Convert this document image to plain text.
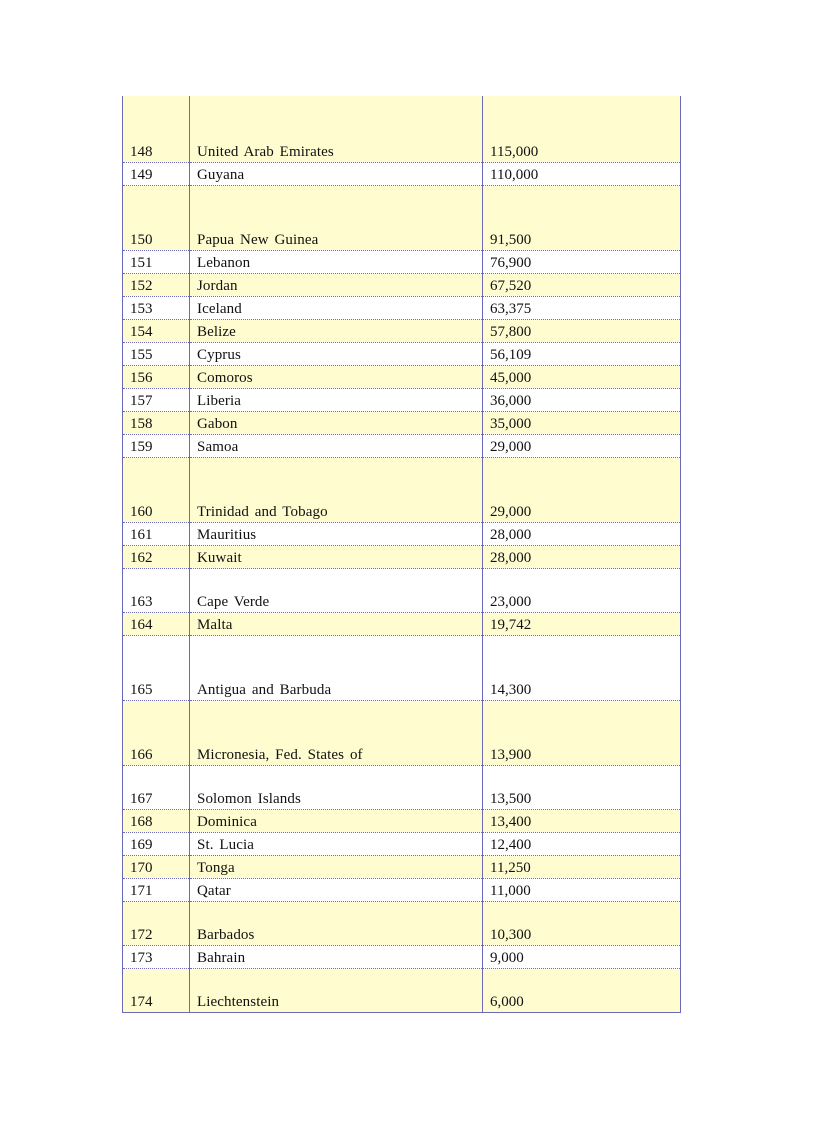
148	United Arab Emirates	115,000
149	Guyana	110,000
150	Papua New Guinea	91,500
151	Lebanon	76,900
152	Jordan	67,520
153	Iceland	63,375
154	Belize	57,800
155	Cyprus	56,109
156	Comoros	45,000
157	Liberia	36,000
158	Gabon	35,000
159	Samoa	29,000
160	Trinidad and Tobago	29,000
161	Mauritius	28,000
162	Kuwait	28,000
163	Cape Verde	23,000
164	Malta	19,742
165	Antigua and Barbuda	14,300
166	Micronesia, Fed. States of	13,900
167	Solomon Islands	13,500
168	Dominica	13,400
169	St. Lucia	12,400
170	Tonga	11,250
171	Qatar	11,000
172	Barbados	10,300
173	Bahrain	9,000
174	Liechtenstein	6,000
